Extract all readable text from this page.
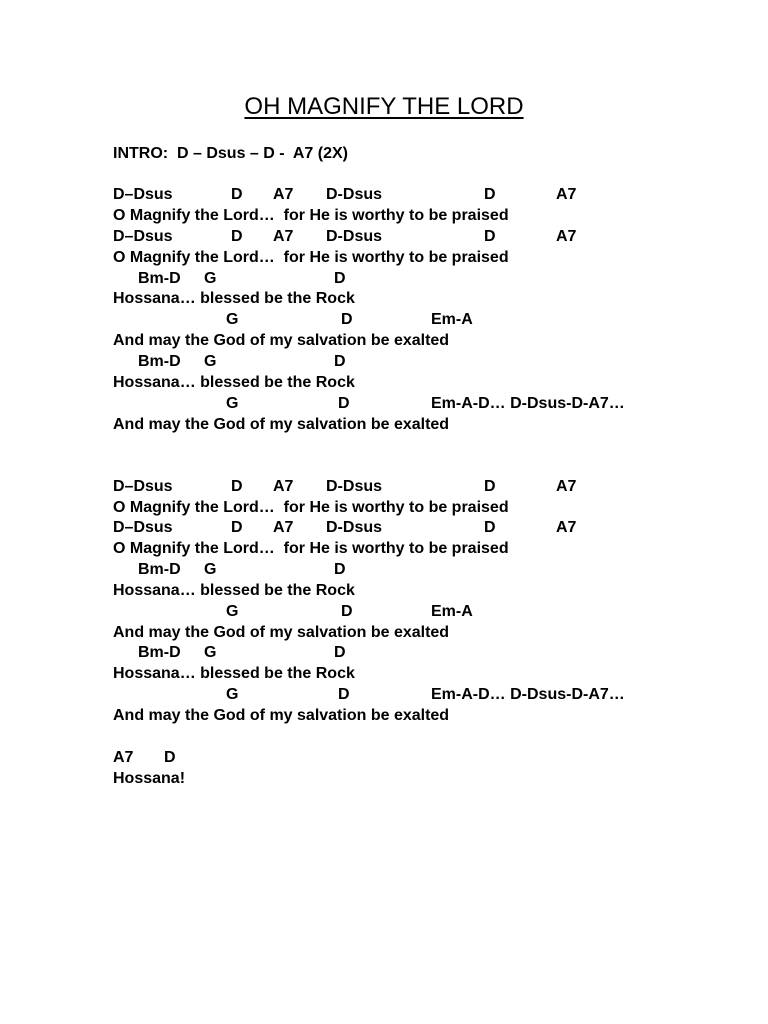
OH MAGNIFY THE LORD
INTRO:  D – Dsus – D -  A7 (2X)

D–Dsus

	D

A7

D-Dsus

	D

	A7

O Magnify the Lord…  for He is worthy to be praised

D–Dsus

	D

A7

D-Dsus

	D

	A7

O Magnify the Lord…  for He is worthy to be praised

Bm-D

G

	D

Hossana… blessed be the Rock

G

	D

	Em-A

And may the God of my salvation be exalted

Bm-D

G

	D

Hossana… blessed be the Rock

G

	D

	Em-A-D… D-Dsus-D-A7…

And may the God of my salvation be exalted

D–Dsus

	D

A7

D-Dsus

	D

	A7

O Magnify the Lord…  for He is worthy to be praised

D–Dsus

	D

A7

D-Dsus

	D

	A7

O Magnify the Lord…  for He is worthy to be praised

Bm-D

G

	D

Hossana… blessed be the Rock

G

	D

	Em-A

And may the God of my salvation be exalted

Bm-D

G

	D

Hossana… blessed be the Rock

G

	D

	Em-A-D… D-Dsus-D-A7…

And may the God of my salvation be exalted

A7

D

Hossana!
